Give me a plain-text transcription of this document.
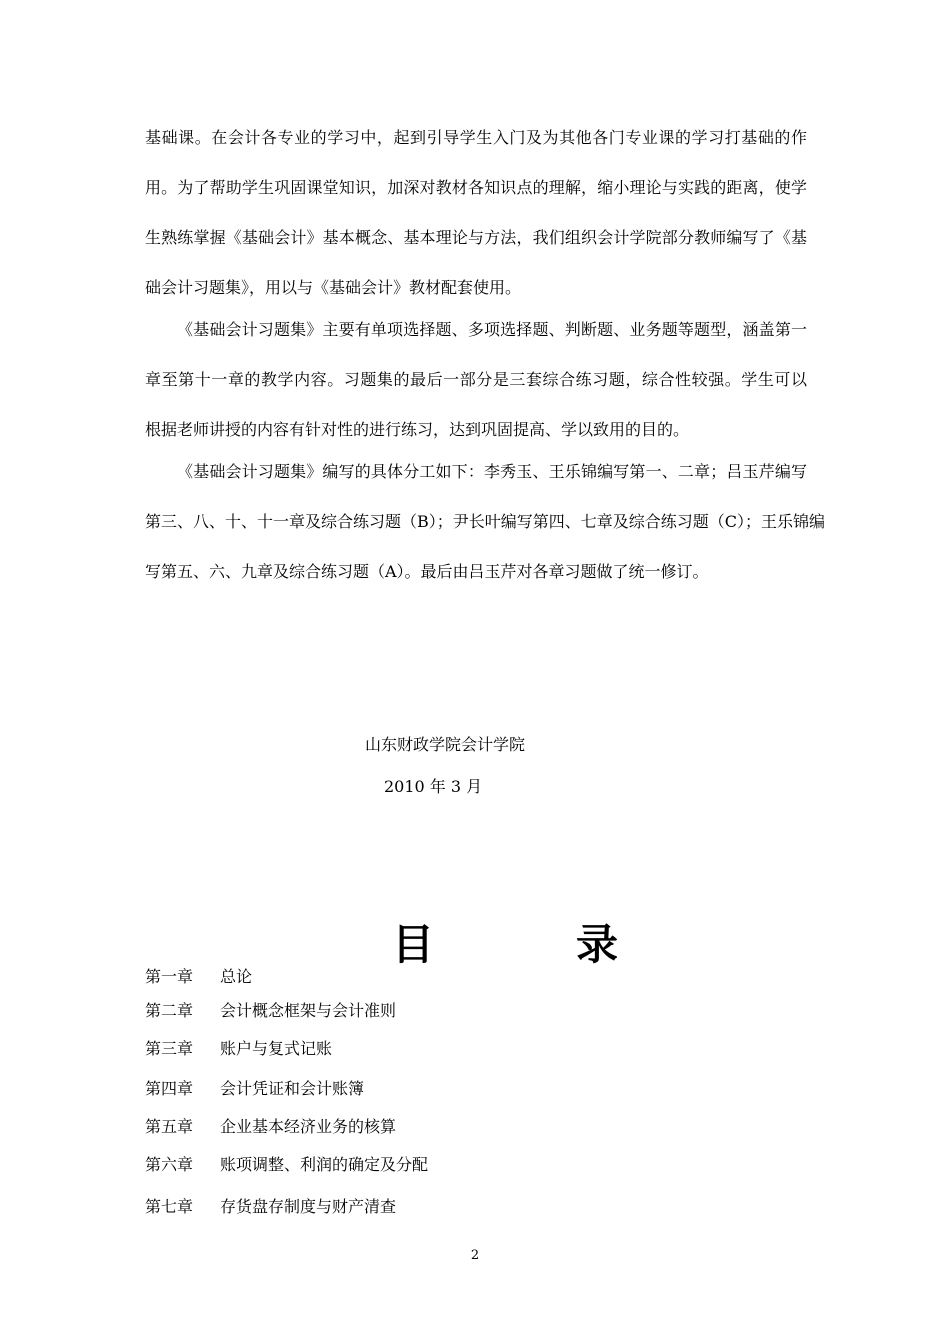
基础课。在会计各专业的学习中，起到引导学生入门及为其他各门专业课的学习打基础的作
用。为了帮助学生巩固课堂知识，加深对教材各知识点的理解，缩小理论与实践的距离，使学
生熟练掌握《基础会计》基本概念、基本理论与方法，我们组织会计学院部分教师编写了《基
础会计习题集》，用以与《基础会计》教材配套使用。
《基础会计习题集》主要有单项选择题、多项选择题、判断题、业务题等题型，涵盖第一
章至第十一章的教学内容。习题集的最后一部分是三套综合练习题，综合性较强。学生可以
根据老师讲授的内容有针对性的进行练习，达到巩固提高、学以致用的目的。
《基础会计习题集》编写的具体分工如下：李秀玉、王乐锦编写第一、二章；吕玉芹编写
第三、八、十、十一章及综合练习题（B）；尹长叶编写第四、七章及综合练习题（C）；王乐锦编
写第五、六、九章及综合练习题（A）。最后由吕玉芹对各章习题做了统一修订。
山东财政学院会计学院
2010 年 3 月
目	录
第一章 总论
第二章 会计概念框架与会计准则
第三章 账户与复式记账
第四章 会计凭证和会计账簿
第五章 企业基本经济业务的核算
第六章 账项调整、利润的确定及分配
第七章 存货盘存制度与财产清查
2
